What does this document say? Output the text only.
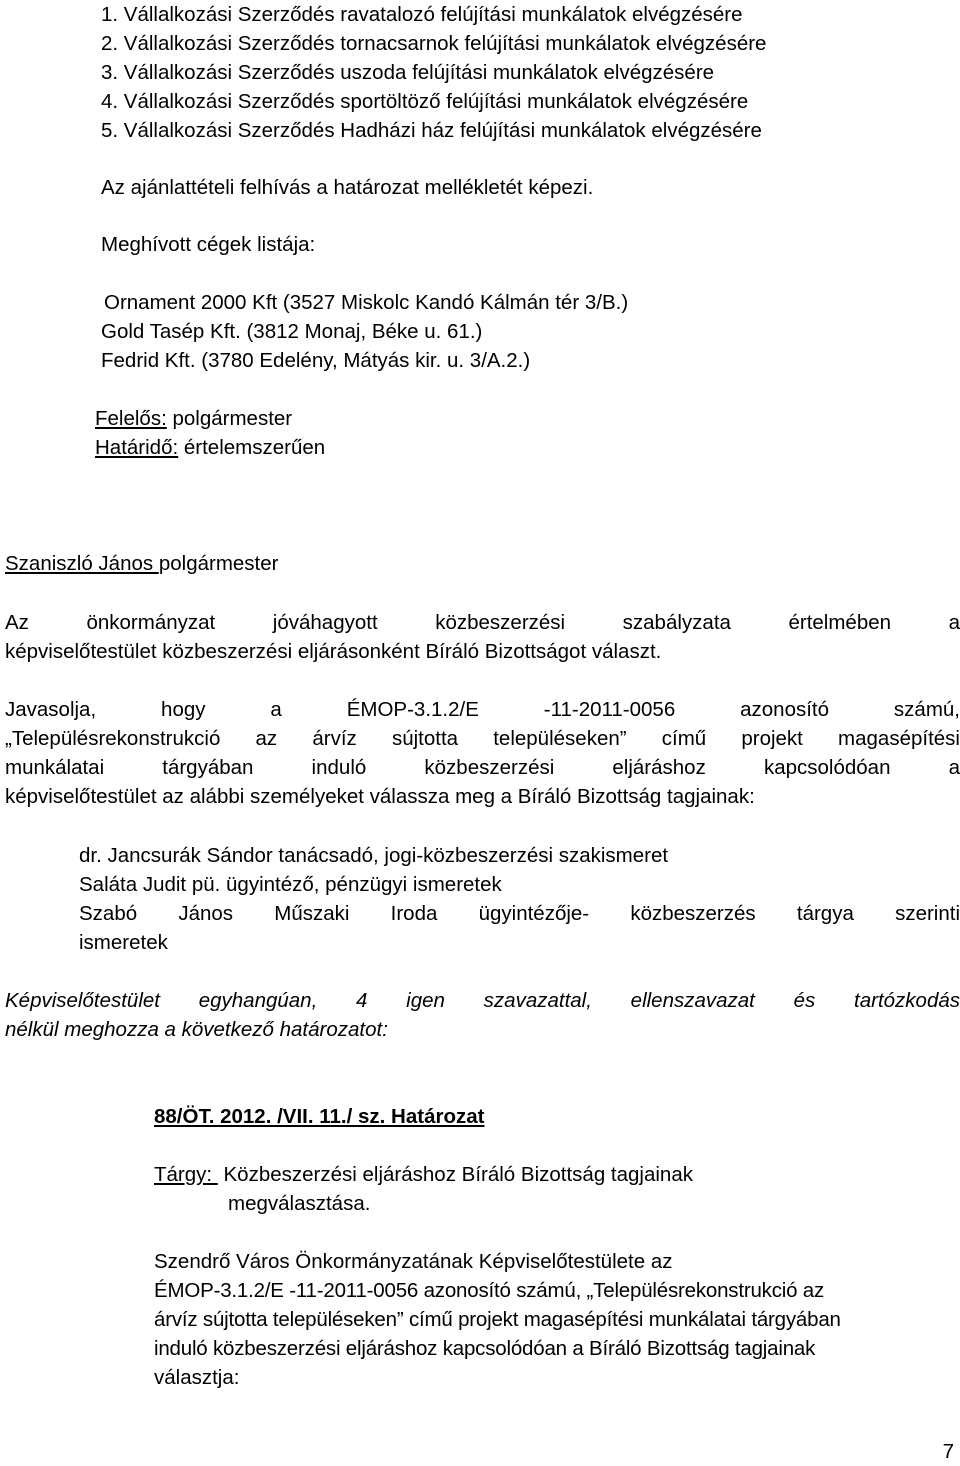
1. Vállalkozási Szerződés ravatalozó felújítási munkálatok elvégzésére
2. Vállalkozási Szerződés tornacsarnok felújítási munkálatok elvégzésére
3. Vállalkozási Szerződés uszoda felújítási munkálatok elvégzésére
4. Vállalkozási Szerződés sportöltöző felújítási munkálatok elvégzésére
5. Vállalkozási Szerződés Hadházi ház felújítási munkálatok elvégzésére
Az ajánlattételi felhívás a határozat mellékletét képezi.
Meghívott cégek listája:
Ornament 2000 Kft (3527 Miskolc Kandó Kálmán tér 3/B.)
Gold Tasép Kft. (3812 Monaj, Béke u. 61.)
Fedrid Kft. (3780 Edelény, Mátyás kir. u. 3/A.2.)
Felelős: polgármester
Határidő: értelemszerűen
Szaniszló János polgármester
Az önkormányzat jóváhagyott közbeszerzési szabályzata értelmében a
képviselőtestület közbeszerzési eljárásonként Bíráló Bizottságot választ.
Javasolja, hogy a ÉMOP-3.1.2/E -11-2011-0056 azonosító számú,
„Településrekonstrukció az árvíz sújtotta településeken” című projekt magasépítési
munkálatai tárgyában induló közbeszerzési eljáráshoz kapcsolódóan a
képviselőtestület az alábbi személyeket válassza meg a Bíráló Bizottság tagjainak:
dr. Jancsurák Sándor tanácsadó, jogi-közbeszerzési szakismeret
Saláta Judit pü. ügyintéző, pénzügyi ismeretek
Szabó János Műszaki Iroda ügyintézője- közbeszerzés tárgya szerinti
ismeretek
Képviselőtestület egyhangúan, 4 igen szavazattal, ellenszavazat és tartózkodás
nélkül meghozza a következő határozatot:
88/ÖT. 2012. /VII. 11./ sz. Határozat
Tárgy:  Közbeszerzési eljáráshoz Bíráló Bizottság tagjainak
megválasztása.
Szendrő Város Önkormányzatának Képviselőtestülete az
ÉMOP-3.1.2/E -11-2011-0056 azonosító számú, „Településrekonstrukció az
árvíz sújtotta településeken” című projekt magasépítési munkálatai tárgyában
induló közbeszerzési eljáráshoz kapcsolódóan a Bíráló Bizottság tagjainak
választja:
7
